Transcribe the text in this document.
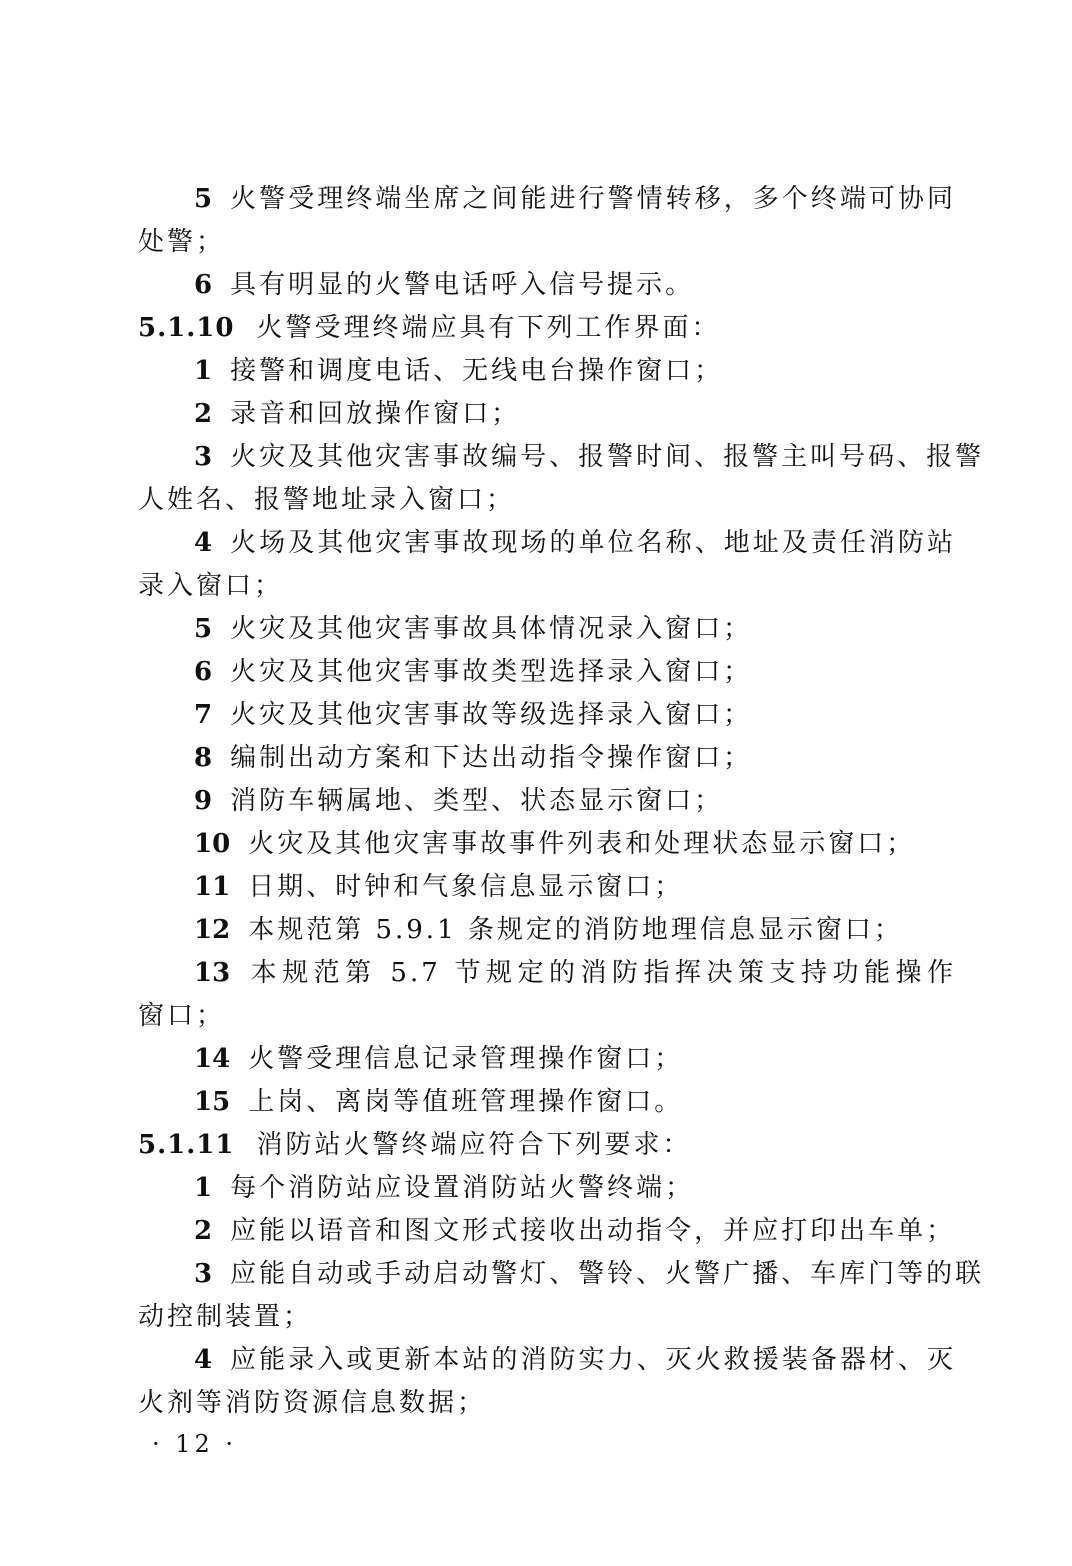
5 火警受理终端坐席之间能进行警情转移，多个终端可协同
处警；
6 具有明显的火警电话呼入信号提示。
5.1.10 火警受理终端应具有下列工作界面：
1 接警和调度电话、无线电台操作窗口；
2 录音和回放操作窗口；
3 火灾及其他灾害事故编号、报警时间、报警主叫号码、报警
人姓名、报警地址录入窗口；
4 火场及其他灾害事故现场的单位名称、地址及责任消防站
录入窗口；
5 火灾及其他灾害事故具体情况录入窗口；
6 火灾及其他灾害事故类型选择录入窗口；
7 火灾及其他灾害事故等级选择录入窗口；
8 编制出动方案和下达出动指令操作窗口；
9 消防车辆属地、类型、状态显示窗口；
10 火灾及其他灾害事故事件列表和处理状态显示窗口；
11 日期、时钟和气象信息显示窗口；
12 本规范第 5.9.1 条规定的消防地理信息显示窗口；
13 本规范第 5.7 节规定的消防指挥决策支持功能操作
窗口；
14 火警受理信息记录管理操作窗口；
15 上岗、离岗等值班管理操作窗口。
5.1.11 消防站火警终端应符合下列要求：
1 每个消防站应设置消防站火警终端；
2 应能以语音和图文形式接收出动指令，并应打印出车单；
3 应能自动或手动启动警灯、警铃、火警广播、车库门等的联
动控制装置；
4 应能录入或更新本站的消防实力、灭火救援装备器材、灭
火剂等消防资源信息数据；
· 12 ·
